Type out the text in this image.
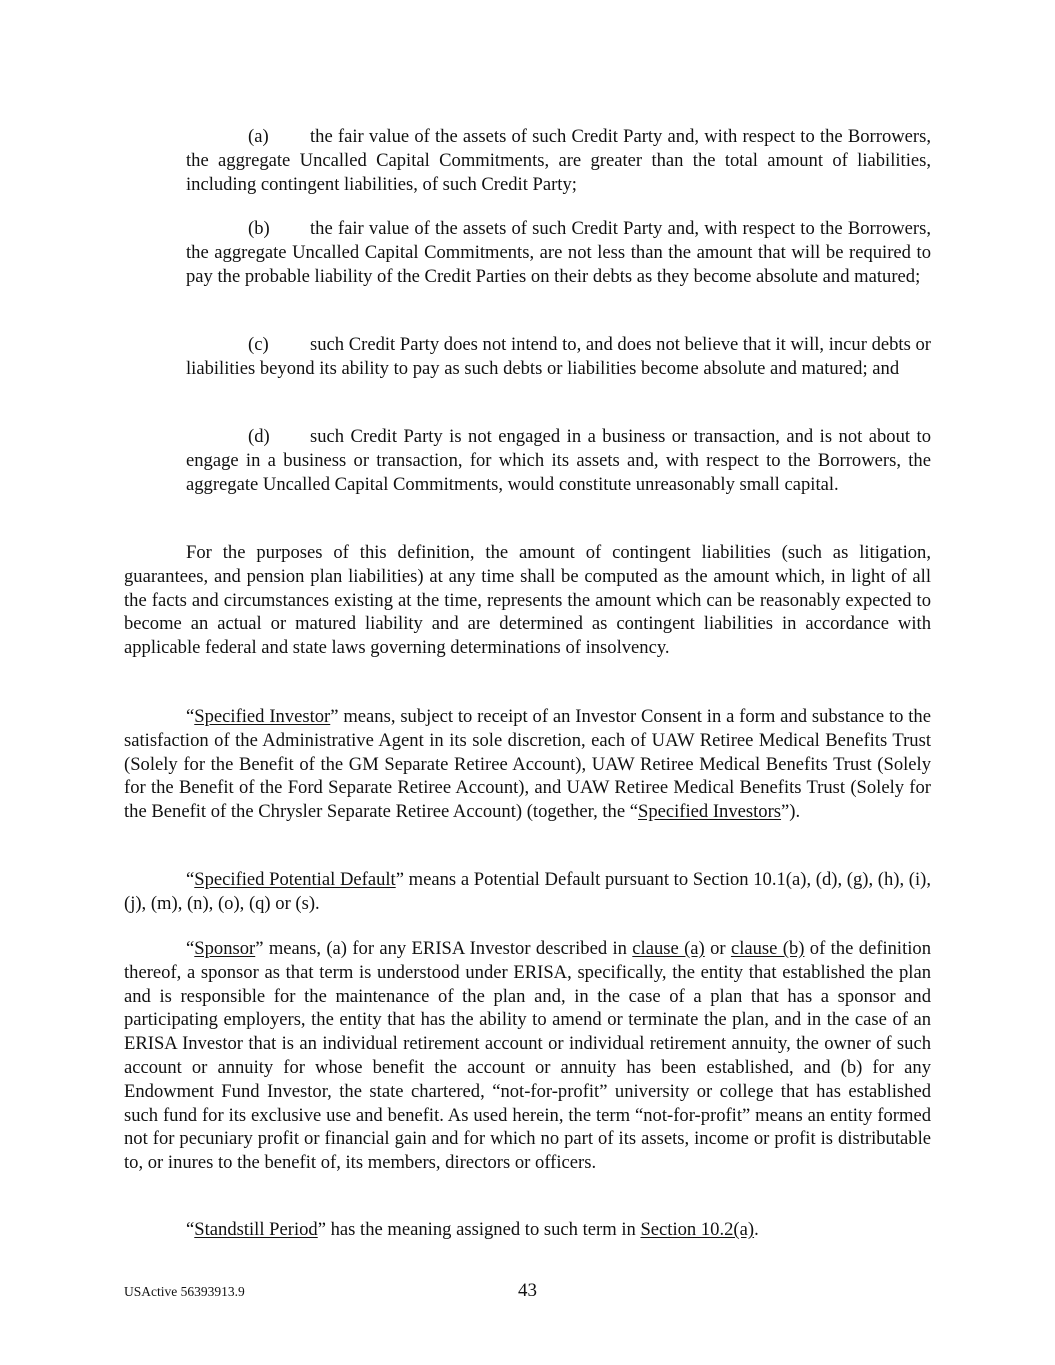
(a) the fair value of the assets of such Credit Party and, with respect to the Borrowers, the aggregate Uncalled Capital Commitments, are greater than the total amount of liabilities, including contingent liabilities, of such Credit Party;

(b) the fair value of the assets of such Credit Party and, with respect to the Borrowers, the aggregate Uncalled Capital Commitments, are not less than the amount that will be required to pay the probable liability of the Credit Parties on their debts as they become absolute and matured;

(c) such Credit Party does not intend to, and does not believe that it will, incur debts or liabilities beyond its ability to pay as such debts or liabilities become absolute and matured; and

(d) such Credit Party is not engaged in a business or transaction, and is not about to engage in a business or transaction, for which its assets and, with respect to the Borrowers, the aggregate Uncalled Capital Commitments, would constitute unreasonably small capital.

For the purposes of this definition, the amount of contingent liabilities (such as litigation, guarantees, and pension plan liabilities) at any time shall be computed as the amount which, in light of all the facts and circumstances existing at the time, represents the amount which can be reasonably expected to become an actual or matured liability and are determined as contingent liabilities in accordance with applicable federal and state laws governing determinations of insolvency.

“Specified Investor” means, subject to receipt of an Investor Consent in a form and substance to the satisfaction of the Administrative Agent in its sole discretion, each of UAW Retiree Medical Benefits Trust (Solely for the Benefit of the GM Separate Retiree Account), UAW Retiree Medical Benefits Trust (Solely for the Benefit of the Ford Separate Retiree Account), and UAW Retiree Medical Benefits Trust (Solely for the Benefit of the Chrysler Separate Retiree Account) (together, the “Specified Investors”).

“Specified Potential Default” means a Potential Default pursuant to Section 10.1(a), (d), (g), (h), (i), (j), (m), (n), (o), (q) or (s).

“Sponsor” means, (a) for any ERISA Investor described in clause (a) or clause (b) of the definition thereof, a sponsor as that term is understood under ERISA, specifically, the entity that established the plan and is responsible for the maintenance of the plan and, in the case of a plan that has a sponsor and participating employers, the entity that has the ability to amend or terminate the plan, and in the case of an ERISA Investor that is an individual retirement account or individual retirement annuity, the owner of such account or annuity for whose benefit the account or annuity has been established, and (b) for any Endowment Fund Investor, the state chartered, “not-for-profit” university or college that has established such fund for its exclusive use and benefit. As used herein, the term “not-for-profit” means an entity formed not for pecuniary profit or financial gain and for which no part of its assets, income or profit is distributable to, or inures to the benefit of, its members, directors or officers.

“Standstill Period” has the meaning assigned to such term in Section 10.2(a).

USActive 56393913.9	43
